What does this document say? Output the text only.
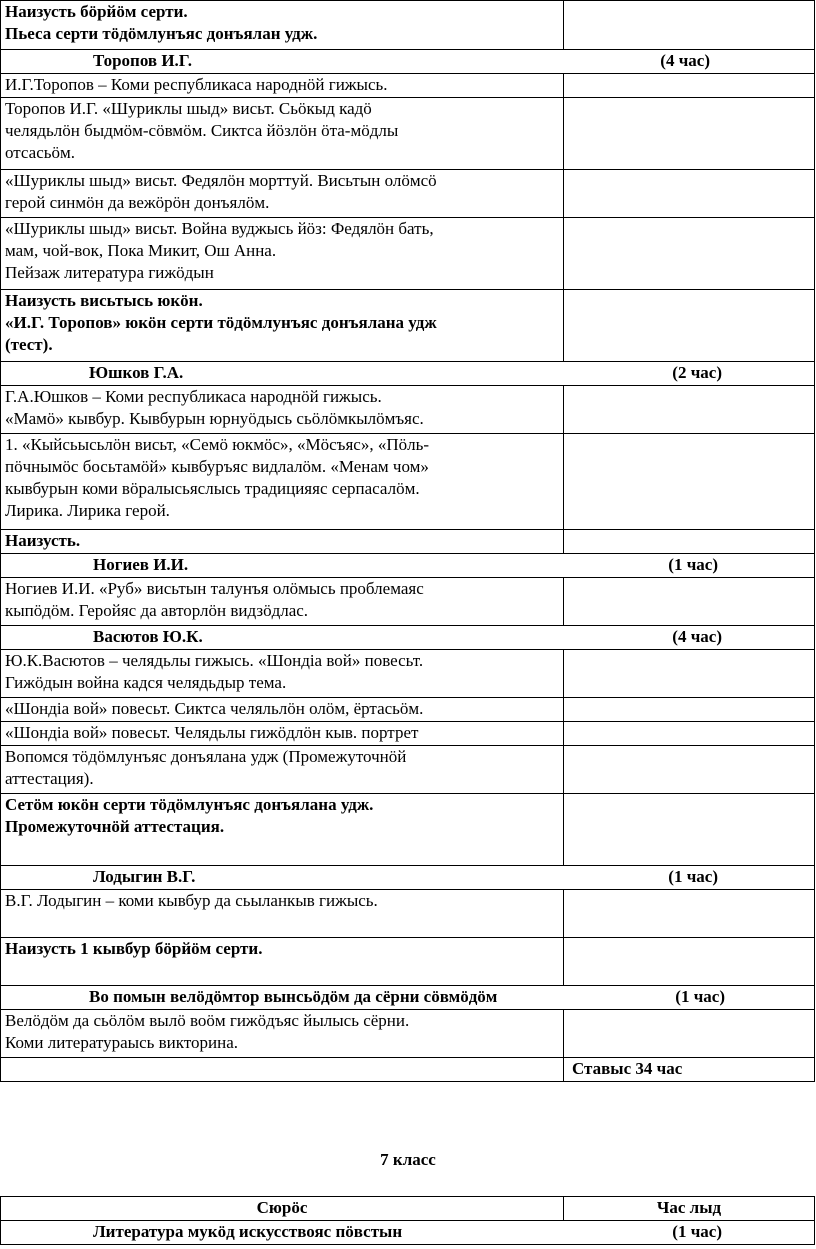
Наизусть бӧрйӧм серти.
Пьеса серти тӧдӧмлунъяс донъялан удж.	

Торопов И.Г. (4 час)	

И.Г.Торопов – Коми республикаса народнӧй гижысь.	

Торопов И.Г. «Шуриклы шыд» висьт. Сьӧкыд кадӧ
челядьлӧн быдмӧм-сӧвмӧм. Сиктса йӧзлӧн ӧта-мӧдлы
отсасьӧм.	

«Шуриклы шыд» висьт. Федялӧн морттуй. Висьтын олӧмсӧ
герой синмӧн да вежӧрӧн донъялӧм.	

«Шуриклы шыд» висьт. Война вуджысь йӧз: Федялӧн бать,
мам, чой-вок, Пока Микит, Ош Анна.
Пейзаж литература гижӧдын	

Наизусть висьтысь юкӧн.
«И.Г. Торопов» юкӧн серти тӧдӧмлунъяс донъялана удж
(тест).	

Юшков Г.А. (2 час)	

Г.А.Юшков – Коми республикаса народнӧй гижысь.
«Мамӧ» кывбур. Кывбурын юрнуӧдысь сьӧлӧмкылӧмъяс.	

1. «Кыйсьысьлӧн висьт, «Семӧ юкмӧс», «Мӧсъяс», «Пӧль-
пӧчнымӧс босьтамӧй» кывбуръяс видлалӧм. «Менам чом»
кывбурын коми вӧралысьяслысь традицияяс серпасалӧм.
Лирика. Лирика герой.	

Наизусть.	

Ногиев И.И. (1 час)	

Ногиев И.И. «Руб» висьтын талунъя олӧмысь проблемаяс
кыпӧдӧм. Геройяс да авторлӧн видзӧдлас.	

Васютов Ю.К. (4 час)	

Ю.К.Васютов – челядьлы гижысь. «Шондіа вой» повесьт.
Гижӧдын война кадся челядьдыр тема.	

«Шондіа вой» повесьт. Сиктса челяльлӧн олӧм, ёртасьӧм.	

«Шондіа вой» повесьт. Челядьлы гижӧдлӧн кыв. портрет	

Вопомся тӧдӧмлунъяс донъялана удж (Промежуточнӧй
аттестация).	

Сетӧм юкӧн серти тӧдӧмлунъяс донъялана удж.
Промежуточнӧй аттестация.	

Лодыгин В.Г. (1 час)	

В.Г. Лодыгин – коми кывбур да сьыланкыв гижысь.	

Наизусть 1 кывбур бӧрйӧм серти.	

Во помын велӧдӧмтор вынсьӧдӧм да сёрни сӧвмӧдӧм (1 час)	

Велӧдӧм да сьӧлӧм вылӧ воӧм гижӧдъяс йылысь сёрни.
Коми литератураысь викторина.	

	Ставыс 34 час
7 класс
Сюрӧс	Час лыд
Литература мукӧд искусствояс пӧвстын	(1 час)
